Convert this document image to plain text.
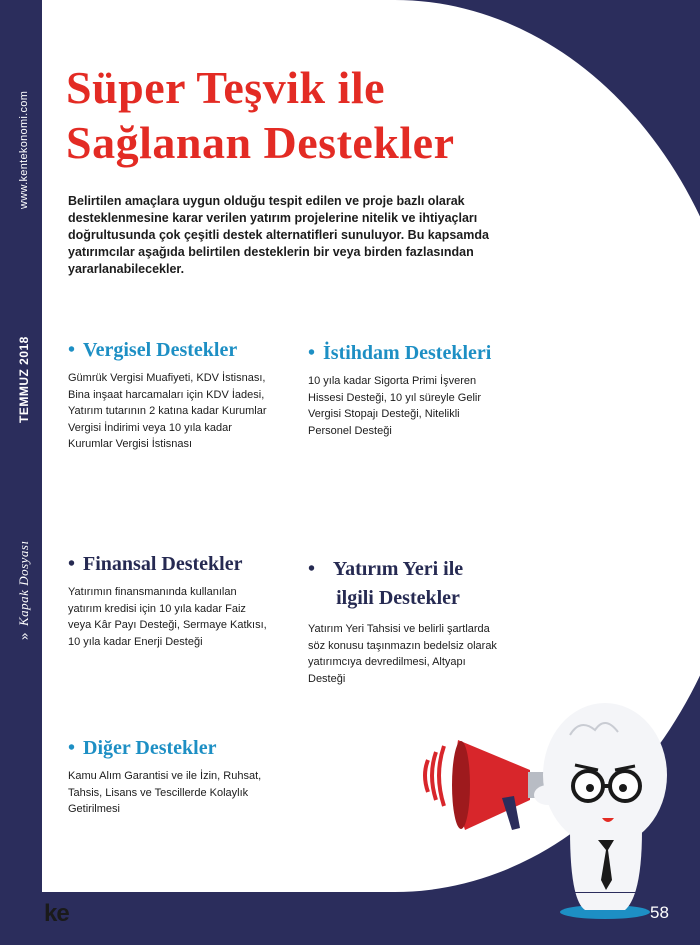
www.kentekonomi.com
TEMMUZ 2018
»
Kapak Dosyası
Süper Teşvik ile
Sağlanan Destekler

Belirtilen amaçlara uygun olduğu tespit edilen ve proje bazlı olarak desteklenmesine karar verilen yatırım projelerine nitelik ve ihtiyaçları doğrultusunda çok çeşitli destek alternatifleri sunuluyor. Bu kapsamda yatırımcılar aşağıda belirtilen desteklerin bir veya birden fazlasından yararlanabilecekler.

• Vergisel Destekler

Gümrük Vergisi Muafiyeti, KDV İstisnası, Bina inşaat harcamaları için KDV İadesi, Yatırım tutarının 2 katına kadar Kurumlar Vergisi İndirimi veya 10 yıla kadar Kurumlar Vergisi İstisnası

• İstihdam Destekleri

10 yıla kadar Sigorta Primi İşveren Hissesi Desteği, 10 yıl süreyle Gelir Vergisi Stopajı Desteği, Nitelikli Personel Desteği

• Finansal Destekler

Yatırımın finansmanında kullanılan yatırım kredisi için 10 yıla kadar Faiz veya Kâr Payı Desteği, Sermaye Katkısı, 10 yıla kadar Enerji Desteği

• Yatırım Yeri ile ilgili Destekler

Yatırım Yeri Tahsisi ve belirli şartlarda söz konusu taşınmazın bedelsiz olarak yatırımcıya devredilmesi, Altyapı Desteği

• Diğer Destekler

Kamu Alım Garantisi ve ile İzin, Ruhsat, Tahsis, Lisans ve Tescillerde Kolaylık Getirilmesi

ke	58
